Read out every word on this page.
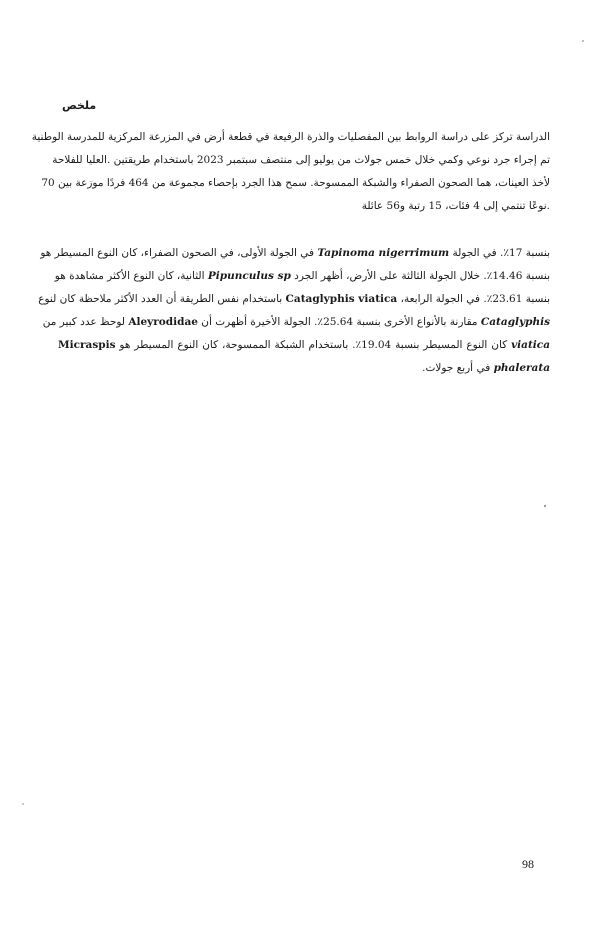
ملخص
الدراسة تركز على دراسة الروابط بين المفصليات والذرة الرفيعة في قطعة أرض في المزرعة المركزية للمدرسة الوطنية
تم إجراء جرد نوعي وكمي خلال خمس جولات من يوليو إلى منتصف سبتمبر 2023 باستخدام طريقتين .العليا للفلاحة
لأخذ العينات، هما الصحون الصفراء والشبكة الممسوحة. سمح هذا الجرد بإحصاء مجموعة من 464 فردًا موزعة بين 70
.نوعًا تنتمي إلى 4 فئات، 15 رتبة و56 عائلة
بنسبة 17٪. في الجولة Tapinoma nigerrimum في الجولة الأولى، في الصحون الصفراء، كان النوع المسيطر هو
بنسبة 14.46٪. خلال الجولة الثالثة على الأرض، أظهر الجرد Pipunculus sp الثانية، كان النوع الأكثر مشاهدة هو
بنسبة 23.61٪. في الجولة الرابعة، Cataglyphis viatica باستخدام نفس الطريقة أن العدد الأكثر ملاحظة كان لنوع
Cataglyphis مقارنة بالأنواع الأخرى بنسبة 25.64٪. الجولة الأخيرة أظهرت أن Aleyrodidae لوحظ عدد كبير من
viatica كان النوع المسيطر بنسبة 19.04٪. باستخدام الشبكة الممسوحة، كان النوع المسيطر هو Micraspis
phalerata في أربع جولات.
98
